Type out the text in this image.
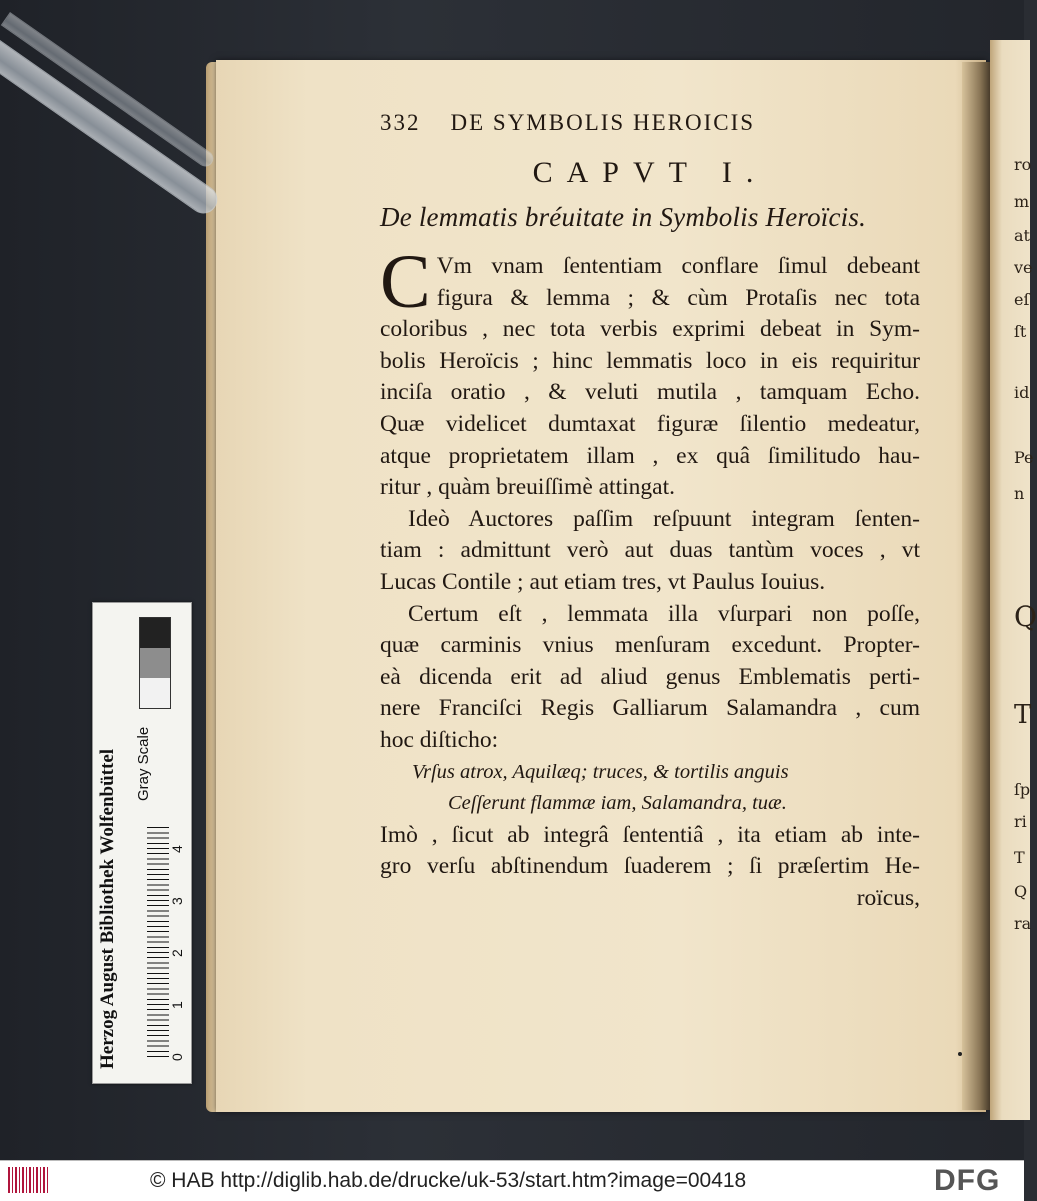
ro
m
at
ve
eſ
ſt
id
Pe
n
Q
T
ſp
ri
T
Q
ra
332 DE SYMBOLIS HEROICIS
CAPVT I.
De lemmatis bréuitate in Symbolis Heroïcis.
C Vm vnam ſententiam conflare ſimul debeant
figura & lemma ; & cùm Protaſis nec tota
coloribus , nec tota verbis exprimi debeat in Sym-
bolis Heroïcis ; hinc lemmatis loco in eis requiritur
inciſa oratio , & veluti mutila , tamquam Echo.
Quæ videlicet dumtaxat figuræ ſilentio medeatur,
atque proprietatem illam , ex quâ ſimilitudo hau-
ritur , quàm breuiſſimè attingat.
Ideò Auctores paſſim reſpuunt integram ſenten-
tiam : admittunt verò aut duas tantùm voces , vt
Lucas Contile ; aut etiam tres, vt Paulus Iouius.
Certum eſt , lemmata illa vſurpari non poſſe,
quæ carminis vnius menſuram excedunt. Propter-
eà dicenda erit ad aliud genus Emblematis perti-
nere Franciſci Regis Galliarum Salamandra , cum
hoc diſticho:
Vrſus atrox, Aquilæq; truces, & tortilis anguis
Ceſſerunt flammæ iam, Salamandra, tuæ.
Imò , ſicut ab integrâ ſententiâ , ita etiam ab inte-
gro verſu abſtinendum ſuaderem ; ſi præſertim He-
roïcus,
Herzog August Bibliothek Wolfenbüttel	0
1
2
3
4
Gray Scale
© HAB http://diglib.hab.de/drucke/uk-53/start.htm?image=00418	DFG
